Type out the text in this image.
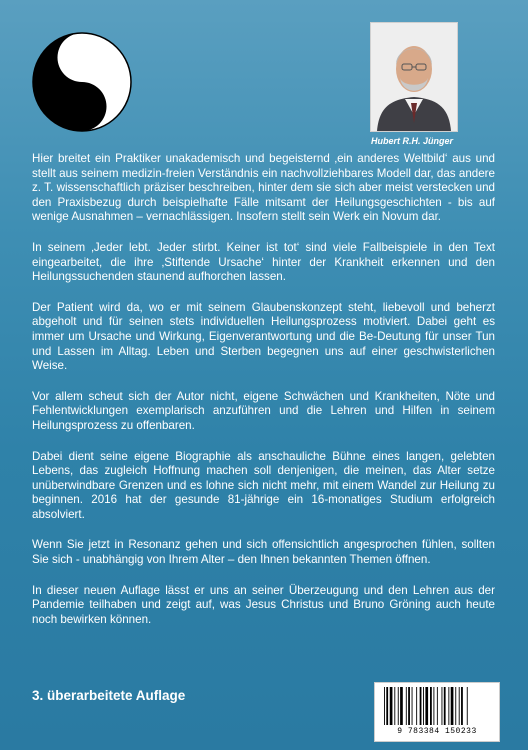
Hubert R.H. Jünger

Hier breitet ein Praktiker unakademisch und begeisternd ‚ein anderes Weltbild‘ aus und stellt aus seinem medizin-freien Verständnis ein nachvollziehbares Modell dar, das andere z. T. wissenschaftlich präziser beschreiben, hinter dem sie sich aber meist verstecken und den Praxisbezug durch beispielhafte Fälle mitsamt der Heilungsgeschichten - bis auf wenige Ausnahmen – vernachlässigen. Insofern stellt sein Werk ein Novum dar.

In seinem ‚Jeder lebt. Jeder stirbt. Keiner ist tot‘ sind viele Fallbeispiele in den Text eingearbeitet, die ihre ‚Stiftende Ursache‘ hinter der Krankheit erkennen und den Heilungssuchenden staunend aufhorchen lassen.

Der Patient wird da, wo er mit seinem Glaubenskonzept steht, liebevoll und beherzt abgeholt und für seinen stets individuellen Heilungsprozess motiviert. Dabei geht es immer um Ursache und Wirkung, Eigenverantwortung und die Be-Deutung für unser Tun und Lassen im Alltag. Leben und Sterben begegnen uns auf einer geschwisterlichen Weise.

Vor allem scheut sich der Autor nicht, eigene Schwächen und Krankheiten, Nöte und Fehlentwicklungen exemplarisch anzuführen und die Lehren und Hilfen in seinem Heilungsprozess zu offenbaren.

Dabei dient seine eigene Biographie als anschauliche Bühne eines langen, gelebten Lebens, das zugleich Hoffnung machen soll denjenigen, die meinen, das Alter setze unüberwindbare Grenzen und es lohne sich nicht mehr, mit einem Wandel zur Heilung zu beginnen. 2016 hat der gesunde 81-jährige ein 16-monatiges Studium erfolgreich absolviert.

Wenn Sie jetzt in Resonanz gehen und sich offensichtlich angesprochen fühlen, sollten Sie sich - unabhängig von Ihrem Alter – den Ihnen bekannten Themen öffnen.

In dieser neuen Auflage lässt er uns an seiner Überzeugung und den Lehren aus der Pandemie teilhaben und zeigt auf, was Jesus Christus und Bruno Gröning auch heute noch bewirken können.

3. überarbeitete Auflage
9 783384 150233
